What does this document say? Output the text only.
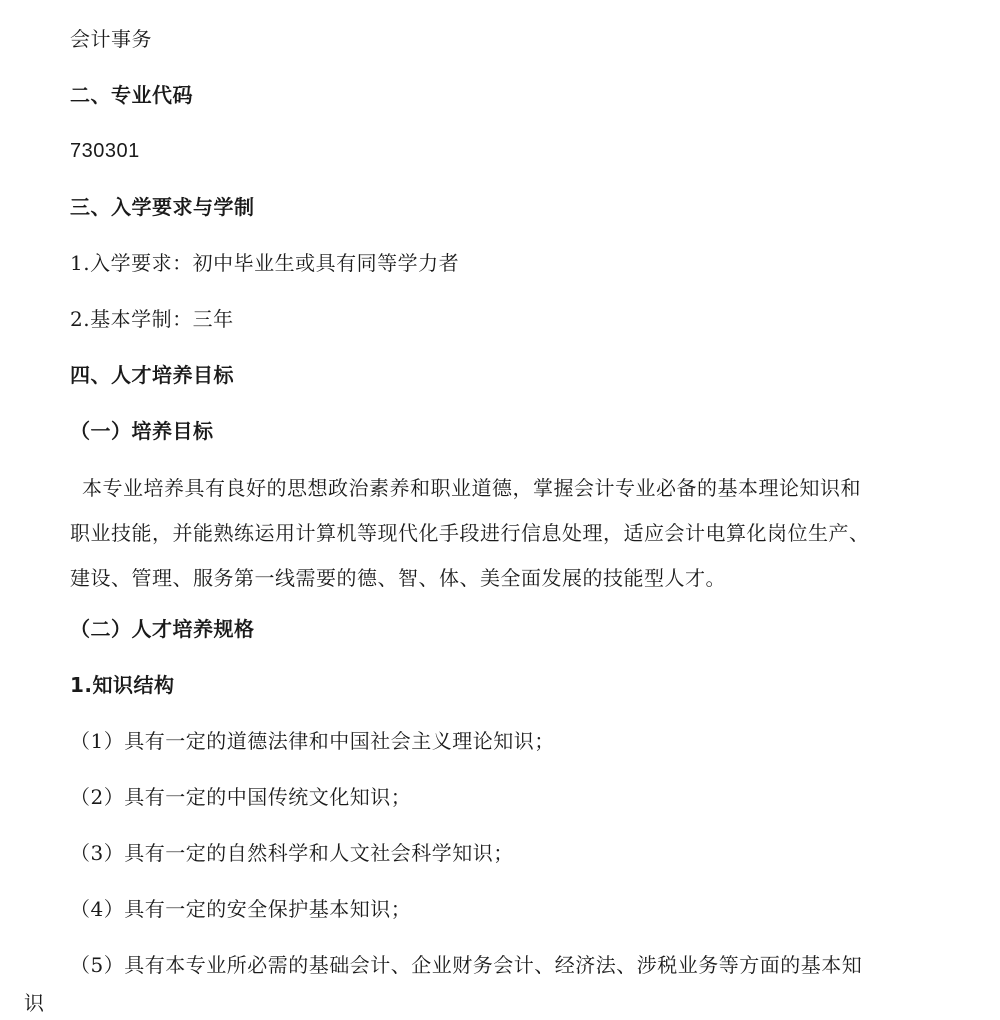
会计事务
二、专业代码
730301
三、入学要求与学制
1.入学要求：初中毕业生或具有同等学力者
2.基本学制：三年
四、人才培养目标
（一）培养目标
本专业培养具有良好的思想政治素养和职业道德，掌握会计专业必备的基本理论知识和
职业技能，并能熟练运用计算机等现代化手段进行信息处理，适应会计电算化岗位生产、
建设、管理、服务第一线需要的德、智、体、美全面发展的技能型人才。
（二）人才培养规格
1.知识结构
（1）具有一定的道德法律和中国社会主义理论知识；
（2）具有一定的中国传统文化知识；
（3）具有一定的自然科学和人文社会科学知识；
（4）具有一定的安全保护基本知识；
（5）具有本专业所必需的基础会计、企业财务会计、经济法、涉税业务等方面的基本知
识
